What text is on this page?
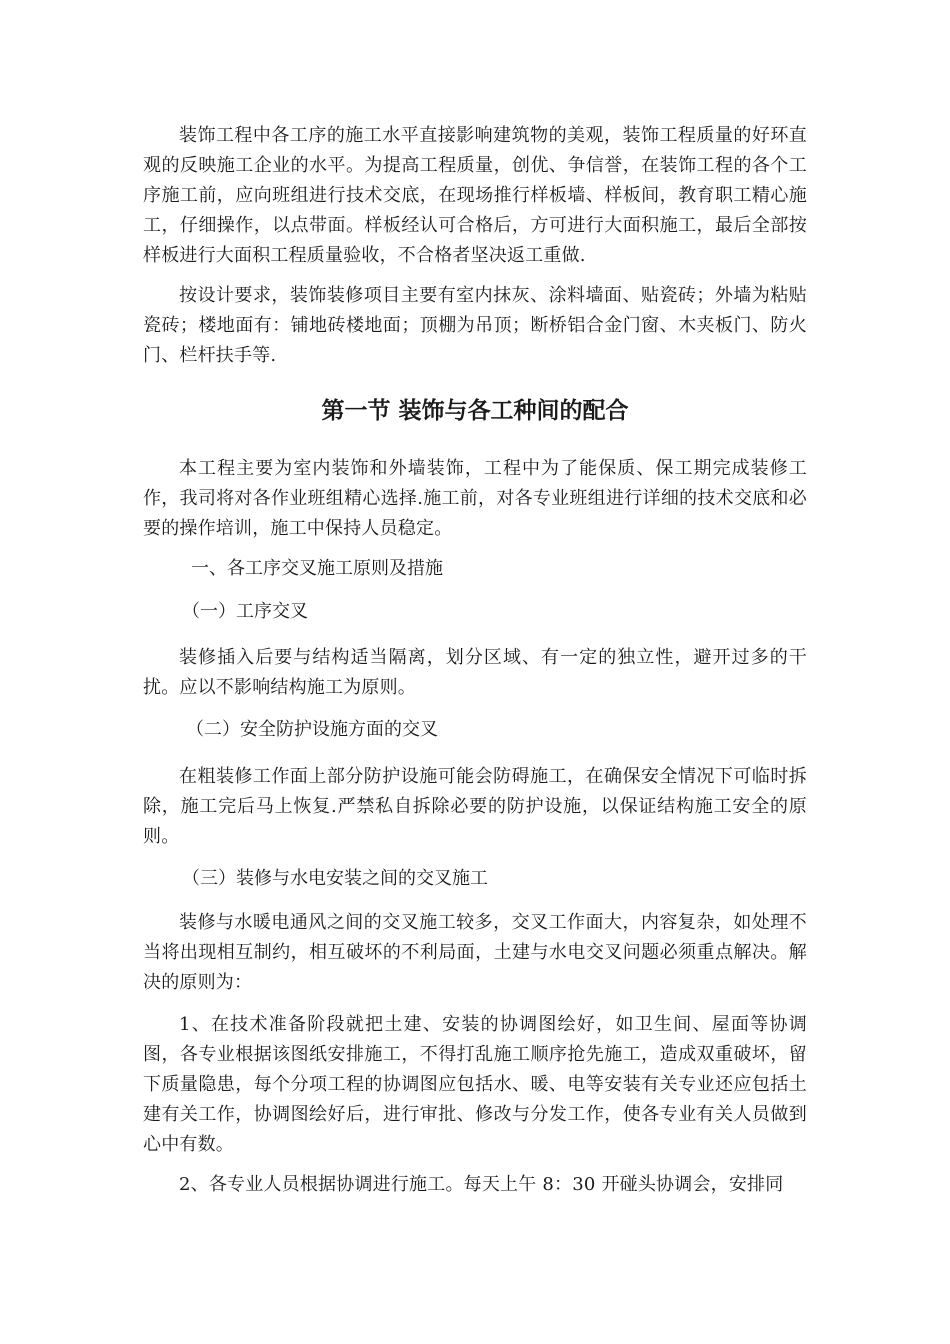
装饰工程中各工序的施工水平直接影响建筑物的美观，装饰工程质量的好环直观的反映施工企业的水平。为提高工程质量，创优、争信誉，在装饰工程的各个工序施工前，应向班组进行技术交底，在现场推行样板墙、样板间，教育职工精心施工，仔细操作，以点带面。样板经认可合格后，方可进行大面积施工，最后全部按样板进行大面积工程质量验收，不合格者坚决返工重做.

按设计要求，装饰装修项目主要有室内抹灰、涂料墙面、贴瓷砖；外墙为粘贴瓷砖；楼地面有：铺地砖楼地面；顶棚为吊顶；断桥铝合金门窗、木夹板门、防火门、栏杆扶手等.

第一节 装饰与各工种间的配合

本工程主要为室内装饰和外墙装饰，工程中为了能保质、保工期完成装修工作，我司将对各作业班组精心选择.施工前，对各专业班组进行详细的技术交底和必要的操作培训，施工中保持人员稳定。

一、各工序交叉施工原则及措施

（一）工序交叉

装修插入后要与结构适当隔离，划分区域、有一定的独立性，避开过多的干扰。应以不影响结构施工为原则。

（二）安全防护设施方面的交叉

在粗装修工作面上部分防护设施可能会防碍施工，在确保安全情况下可临时拆除，施工完后马上恢复.严禁私自拆除必要的防护设施，以保证结构施工安全的原则。

（三）装修与水电安装之间的交叉施工

装修与水暖电通风之间的交叉施工较多，交叉工作面大，内容复杂，如处理不当将出现相互制约，相互破坏的不利局面，土建与水电交叉问题必须重点解决。解决的原则为：

1、在技术准备阶段就把土建、安装的协调图绘好，如卫生间、屋面等协调图，各专业根据该图纸安排施工，不得打乱施工顺序抢先施工，造成双重破坏，留下质量隐患，每个分项工程的协调图应包括水、暖、电等安装有关专业还应包括土建有关工作，协调图绘好后，进行审批、修改与分发工作，使各专业有关人员做到心中有数。

2、各专业人员根据协调进行施工。每天上午 8：30 开碰头协调会，安排同
